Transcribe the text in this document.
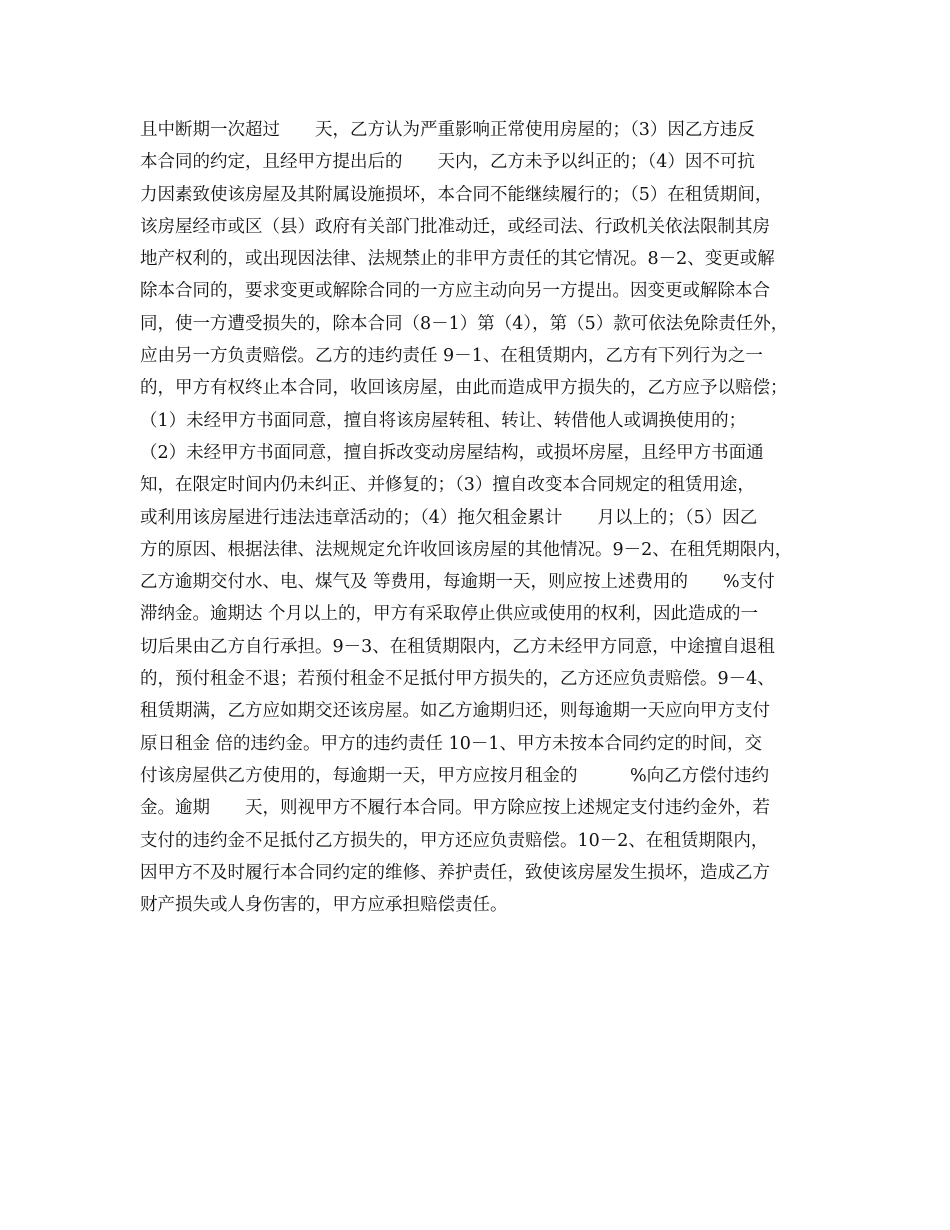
且中断期一次超过　　天，乙方认为严重影响正常使用房屋的；（3）因乙方违反
本合同的约定，且经甲方提出后的　　天内，乙方未予以纠正的；（4）因不可抗
力因素致使该房屋及其附属设施损坏，本合同不能继续履行的；（5）在租赁期间，
该房屋经市或区（县）政府有关部门批准动迁，或经司法、行政机关依法限制其房
地产权利的，或出现因法律、法规禁止的非甲方责任的其它情况。8－2、变更或解
除本合同的，要求变更或解除合同的一方应主动向另一方提出。因变更或解除本合
同，使一方遭受损失的，除本合同（8－1）第（4），第（5）款可依法免除责任外，
应由另一方负责赔偿。乙方的违约责任 9－1、在租赁期内，乙方有下列行为之一
的，甲方有权终止本合同，收回该房屋，由此而造成甲方损失的，乙方应予以赔偿；
（1）未经甲方书面同意，擅自将该房屋转租、转让、转借他人或调换使用的；
（2）未经甲方书面同意，擅自拆改变动房屋结构，或损坏房屋，且经甲方书面通
知，在限定时间内仍未纠正、并修复的；（3）擅自改变本合同规定的租赁用途，
或利用该房屋进行违法违章活动的；（4）拖欠租金累计　　月以上的；（5）因乙
方的原因、根据法律、法规规定允许收回该房屋的其他情况。9－2、在租凭期限内，
乙方逾期交付水、电、煤气及 等费用，每逾期一天，则应按上述费用的　　%支付
滞纳金。逾期达 个月以上的，甲方有采取停止供应或使用的权利，因此造成的一
切后果由乙方自行承担。9－3、在租赁期限内，乙方未经甲方同意，中途擅自退租
的，预付租金不退；若预付租金不足抵付甲方损失的，乙方还应负责赔偿。9－4、
租赁期满，乙方应如期交还该房屋。如乙方逾期归还，则每逾期一天应向甲方支付
原日租金 倍的违约金。甲方的违约责任 10－1、甲方未按本合同约定的时间，交
付该房屋供乙方使用的，每逾期一天，甲方应按月租金的　　　%向乙方偿付违约
金。逾期　　天，则视甲方不履行本合同。甲方除应按上述规定支付违约金外，若
支付的违约金不足抵付乙方损失的，甲方还应负责赔偿。10－2、在租赁期限内，
因甲方不及时履行本合同约定的维修、养护责任，致使该房屋发生损坏，造成乙方
财产损失或人身伤害的，甲方应承担赔偿责任。
